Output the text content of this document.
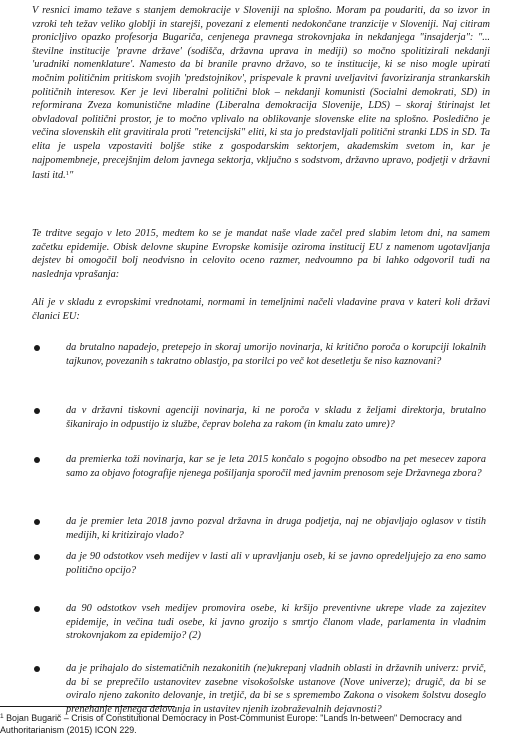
V resnici imamo težave s stanjem demokracije v Sloveniji na splošno. Moram pa poudariti, da so izvor in vzroki teh težav veliko globlji in starejši, povezani z elementi nedokončane tranzicije v Sloveniji. Naj citiram pronicljivo opazko profesorja Bugariča, cenjenega pravnega strokovnjaka in nekdanjega "insajderja": "... številne institucije 'pravne države' (sodišča, državna uprava in mediji) so močno spolitizirali nekdanji 'uradniki nomenklature'. Namesto da bi branile pravno državo, so te institucije, ki se niso mogle upirati močnim političnim pritiskom svojih 'predstojnikov', prispevale k pravni uveljavitvi favoriziranja strankarskih političnih interesov. Ker je levi liberalni politični blok – nekdanji komunisti (Socialni demokrati, SD) in reformirana Zveza komunistične mladine (Liberalna demokracija Slovenije, LDS) – skoraj štirinajst let obvladoval politični prostor, je to močno vplivalo na oblikovanje slovenske elite na splošno. Posledično je večina slovenskih elit gravitirala proti "retencijski" eliti, ki sta jo predstavljali politični stranki LDS in SD. Ta elita je uspela vzpostaviti boljše stike z gospodarskim sektorjem, akademskim svetom in, kar je najpomembneje, precejšnjim delom javnega sektorja, vključno s sodstvom, državno upravo, podjetji v državni lasti itd.$^1$"

Te trditve segajo v leto 2015, medtem ko se je mandat naše vlade začel pred slabim letom dni, na samem začetku epidemije. Obisk delovne skupine Evropske komisije oziroma institucij EU z namenom ugotavljanja dejstev bi omogočil bolj neodvisno in celovito oceno razmer, nedvoumno pa bi lahko odgovoril tudi na naslednja vprašanja:

Ali je v skladu z evropskimi vrednotami, normami in temeljnimi načeli vladavine prava v kateri koli državi članici EU:

da brutalno napadejo, pretepejo in skoraj umorijo novinarja, ki kritično poroča o korupciji lokalnih tajkunov, povezanih s takratno oblastjo, pa storilci po več kot desetletju še niso kaznovani?

da v državni tiskovni agenciji novinarja, ki ne poroča v skladu z željami direktorja, brutalno šikanirajo in odpustijo iz službe, čeprav boleha za rakom (in kmalu zato umre)?

da premierka toži novinarja, kar se je leta 2015 končalo s pogojno obsodbo na pet mesecev zapora samo za objavo fotografije njenega pošiljanja sporočil med javnim prenosom seje Državnega zbora?

da je premier leta 2018 javno pozval državna in druga podjetja, naj ne objavljajo oglasov v tistih medijih, ki kritizirajo vlado?

da je 90 odstotkov vseh medijev v lasti ali v upravljanju oseb, ki se javno opredeljujejo za eno samo politično opcijo?

da 90 odstotkov vseh medijev promovira osebe, ki kršijo preventivne ukrepe vlade za zajezitev epidemije, in večina tudi osebe, ki javno grozijo s smrtjo članom vlade, parlamenta in vladnim strokovnjakom za epidemijo? (2)

da je prihajalo do sistematičnih nezakonitih (ne)ukrepanj vladnih oblasti in državnih univerz: prvič, da bi se preprečilo ustanovitev zasebne visokošolske ustanove (Nove univerze); drugič, da bi se oviralo njeno zakonito delovanje, in tretjič, da bi se s spremembo Zakona o visokem šolstvu doseglo prenehanje njenega delovanja in ustavitev njenih izobraževalnih dejavnosti?

$^1$ Bojan Bugarič – Crisis of Constitutional Democracy in Post-Communist Europe: "Lands In-between" Democracy and Authoritarianism (2015) ICON 229.
